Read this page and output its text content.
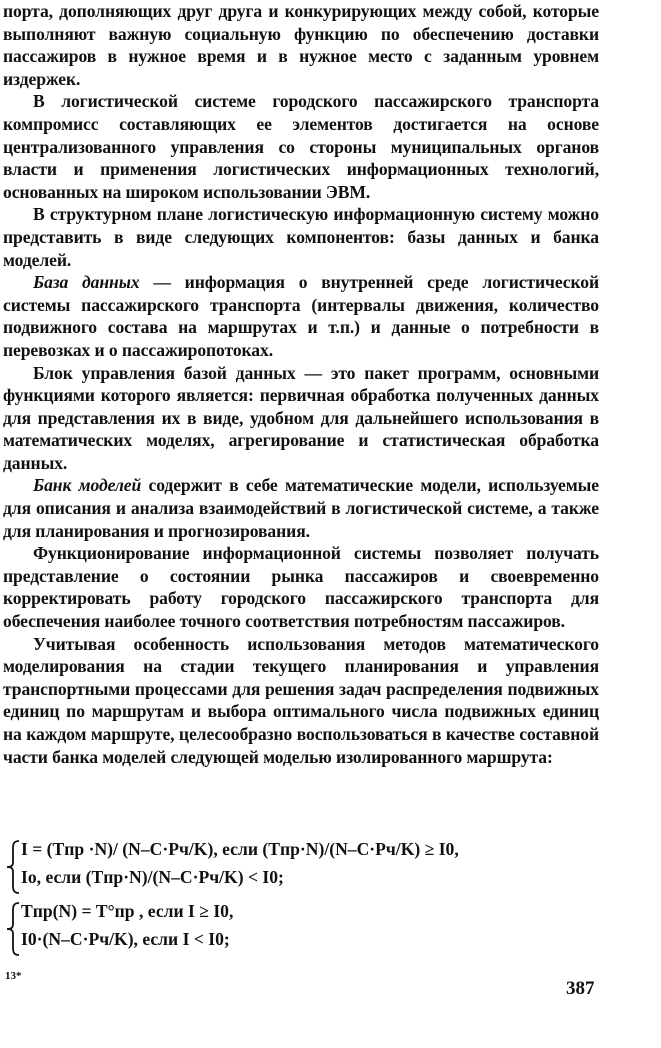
порта, дополняющих друг друга и конкурирующих между собой, которые выполняют важную социальную функцию по обеспечению доставки пассажиров в нужное время и в нужное место с заданным уровнем издержек.

В логистической системе городского пассажирского транспорта компромисс составляющих ее элементов достигается на основе централизованного управления со стороны муниципальных органов власти и применения логистических информационных технологий, основанных на широком использовании ЭВМ.

В структурном плане логистическую информационную систему можно представить в виде следующих компонентов: базы данных и банка моделей.

База данных — информация о внутренней среде логистической системы пассажирского транспорта (интервалы движения, количество подвижного состава на маршрутах и т.п.) и данные о потребности в перевозках и о пассажиропотоках.

Блок управления базой данных — это пакет программ, основными функциями которого является: первичная обработка полученных данных для представления их в виде, удобном для дальнейшего использования в математических моделях, агрегирование и статистическая обработка данных.

Банк моделей содержит в себе математические модели, используемые для описания и анализа взаимодействий в логистической системе, а также для планирования и прогнозирования.

Функционирование информационной системы позволяет получать представление о состоянии рынка пассажиров и своевременно корректировать работу городского пассажирского транспорта для обеспечения наиболее точного соответствия потребностям пассажиров.

Учитывая особенность использования методов математического моделирования на стадии текущего планирования и управления транспортными процессами для решения задач распределения подвижных единиц по маршрутам и выбора оптимального числа подвижных единиц на каждом маршруте, целесообразно воспользоваться в качестве составной части банка моделей следующей моделью изолированного маршрута:

I = (Tпр ·N)/ (N–C·Pч/K), если (Tпр·N)/(N–C·Pч/K) ≥ I0,
Iо, если (Tпр·N)/(N–C·Pч/K) < I0;
Tпр(N) = T°пр , если I ≥ I0,
I0·(N–C·Pч/K), если I < I0;
13*
387
